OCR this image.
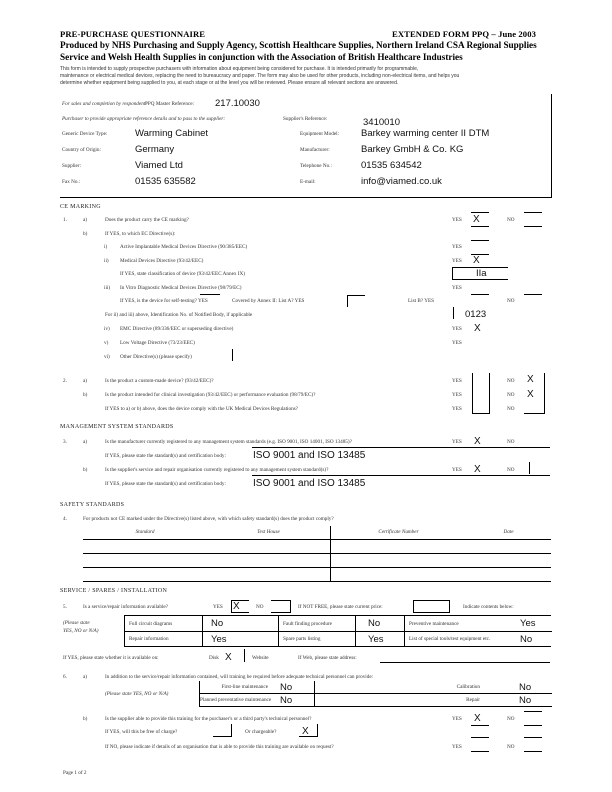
PRE-PURCHASE QUESTIONNAIRE	EXTENDED FORM PPQ – June 2003
Produced by NHS Purchasing and Supply Agency, Scottish Healthcare Supplies, Northern Ireland CSA Regional Supplies
Service and Welsh Health Supplies in conjunction with the Association of British Healthcare Industries
This form is intended to supply prospective purchasers with information about equipment being considered for purchase. It is intended primarily for programmable,
maintenance or electrical medical devices, replacing the need to bureaucracy and paper. The form may also be used for other products, including non-electrical items, and helps you
determine whether equipment being supplied to you, at each stage or at the level you will be reviewed. Please ensure all relevant sections are answered.
For sales and completion by respondent:
PPQ Master Reference: 217.10030
Purchaser to provide appropriate reference details and to pass to the supplier:	Supplier's Reference:	3410010
Generic Device Type:	Warming Cabinet
Country of Origin:	Germany
Supplier:	Viamed Ltd
Fax No.:	01535 635582
Equipment Model: Barkey warming center II DTM
Manufacturer:	Barkey GmbH & Co. KG
Telephone No.:	01535 634542
E-mail:	info@viamed.co.uk
CE MARKING
1.	a)	Does the product carry the CE marking?	YES X	NO
b)	If YES, to which EC Directive(s):
i) Active Implantable Medical Devices Directive (90/385/EEC)	YES
ii) Medical Devices Directive (93/42/EEC)	YES X
If YES, state classification of device (93/42/EEC Annex IX)	IIa
iii) In Vitro Diagnostic Medical Devices Directive (98/79/EC)	YES
If YES, is the device for self-testing? YES	Covered by Annex II: List A? YES	List B? YES	NO
For ii) and iii) above, Identification No. of Notified Body, if applicable	0123
iv) EMC Directive (89/336/EEC or superseding directive)	YES X
v) Low Voltage Directive (73/23/EEC)	YES
vi) Other Directive(s) (please specify)
2.	a)	Is the product a custom-made device? (93/42/EEC)?	YES	NO X
b)	Is the product intended for clinical investigation (93/42/EEC) or performance evaluation (98/79/EC)?	YES	NO X
If YES to a) or b) above, does the device comply with the UK Medical Devices Regulations?	YES	NO
MANAGEMENT SYSTEM STANDARDS
3.	a)	Is the manufacturer currently registered to any management system standards (e.g. ISO 9001, ISO 14001, ISO 13485)?	YES X	NO
If YES, please state the standard(s) and certification body:	ISO 9001 and ISO 13485
b)	Is the supplier's service and repair organisation currently registered to any management system standard(s)?	YES X	NO
If YES, please state the standard(s) and certification body:	ISO 9001 and ISO 13485
SAFETY STANDARDS
4.	For products not CE marked under the Directive(s) listed above, with which safety standard(s) does the product comply?
Standard	Test House	Certificate Number	Date
SERVICE / SPARES / INSTALLATION
5.	Is a service/repair information available?	YES X	NO	If NOT FREE, please state current price:	Indicate contents below:
(Please state
YES, NO or N/A)
Full circuit diagrams	No	Fault finding procedure	No	Preventive maintenance	Yes
Repair information	Yes	Spare parts listing	Yes	List of special tools/test equipment etc.	No
If YES, please state whether it is available on:	Disk X	Website	If Web, please state address:
6.	a)	In addition to the service/repair information contained, will training be required before adequate technical personnel can provide:
(Please state YES, NO or N/A)
First-line maintenance No	Calibration	No
Planned preventative maintenance No	Repair	No
b)	Is the supplier able to provide this training for the purchaser's or a third party's technical personnel?	YES X	NO
If YES, will this be free of charge?	Or chargeable?	X
If NO, please indicate if details of an organisation that is able to provide this training are available on request?	YES	NO
Page 1 of 2
